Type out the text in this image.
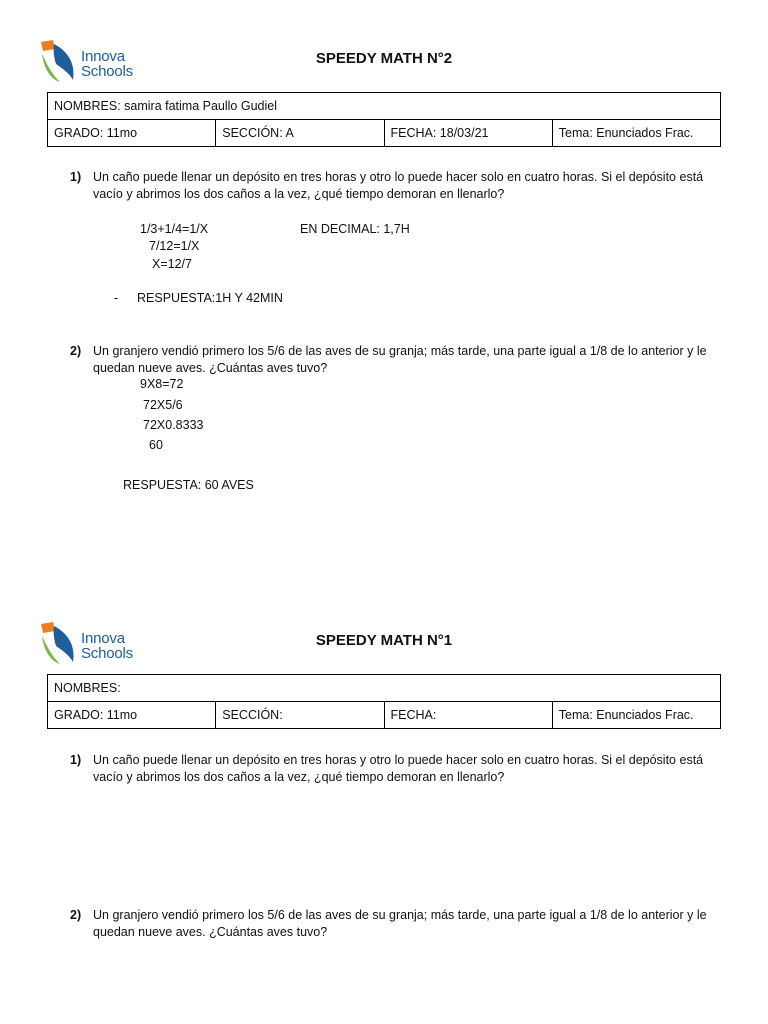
Innova
Schools
SPEEDY MATH N°2
NOMBRES: samira fatima Paullo Gudiel
GRADO: 11mo	SECCIÓN: A	FECHA: 18/03/21	Tema: Enunciados Frac.
1) Un caño puede llenar un depósito en tres horas y otro lo puede hacer solo en cuatro horas. Si el depósito está vacío y abrimos los dos caños a la vez, ¿qué tiempo demoran en llenarlo?
1/3+1/4=1/X
7/12=1/X
X=12/7
EN DECIMAL: 1,7H
- RESPUESTA:1H Y 42MIN
2) Un granjero vendió primero los 5/6 de las aves de su granja; más tarde, una parte igual a 1/8 de lo anterior y le quedan nueve aves. ¿Cuántas aves tuvo?
9X8=72
72X5/6
72X0.8333
60
RESPUESTA: 60 AVES
Innova
Schools
SPEEDY MATH N°1
NOMBRES:
GRADO: 11mo	SECCIÓN:	FECHA:	Tema: Enunciados Frac.
1) Un caño puede llenar un depósito en tres horas y otro lo puede hacer solo en cuatro horas. Si el depósito está vacío y abrimos los dos caños a la vez, ¿qué tiempo demoran en llenarlo?
2) Un granjero vendió primero los 5/6 de las aves de su granja; más tarde, una parte igual a 1/8 de lo anterior y le quedan nueve aves. ¿Cuántas aves tuvo?
